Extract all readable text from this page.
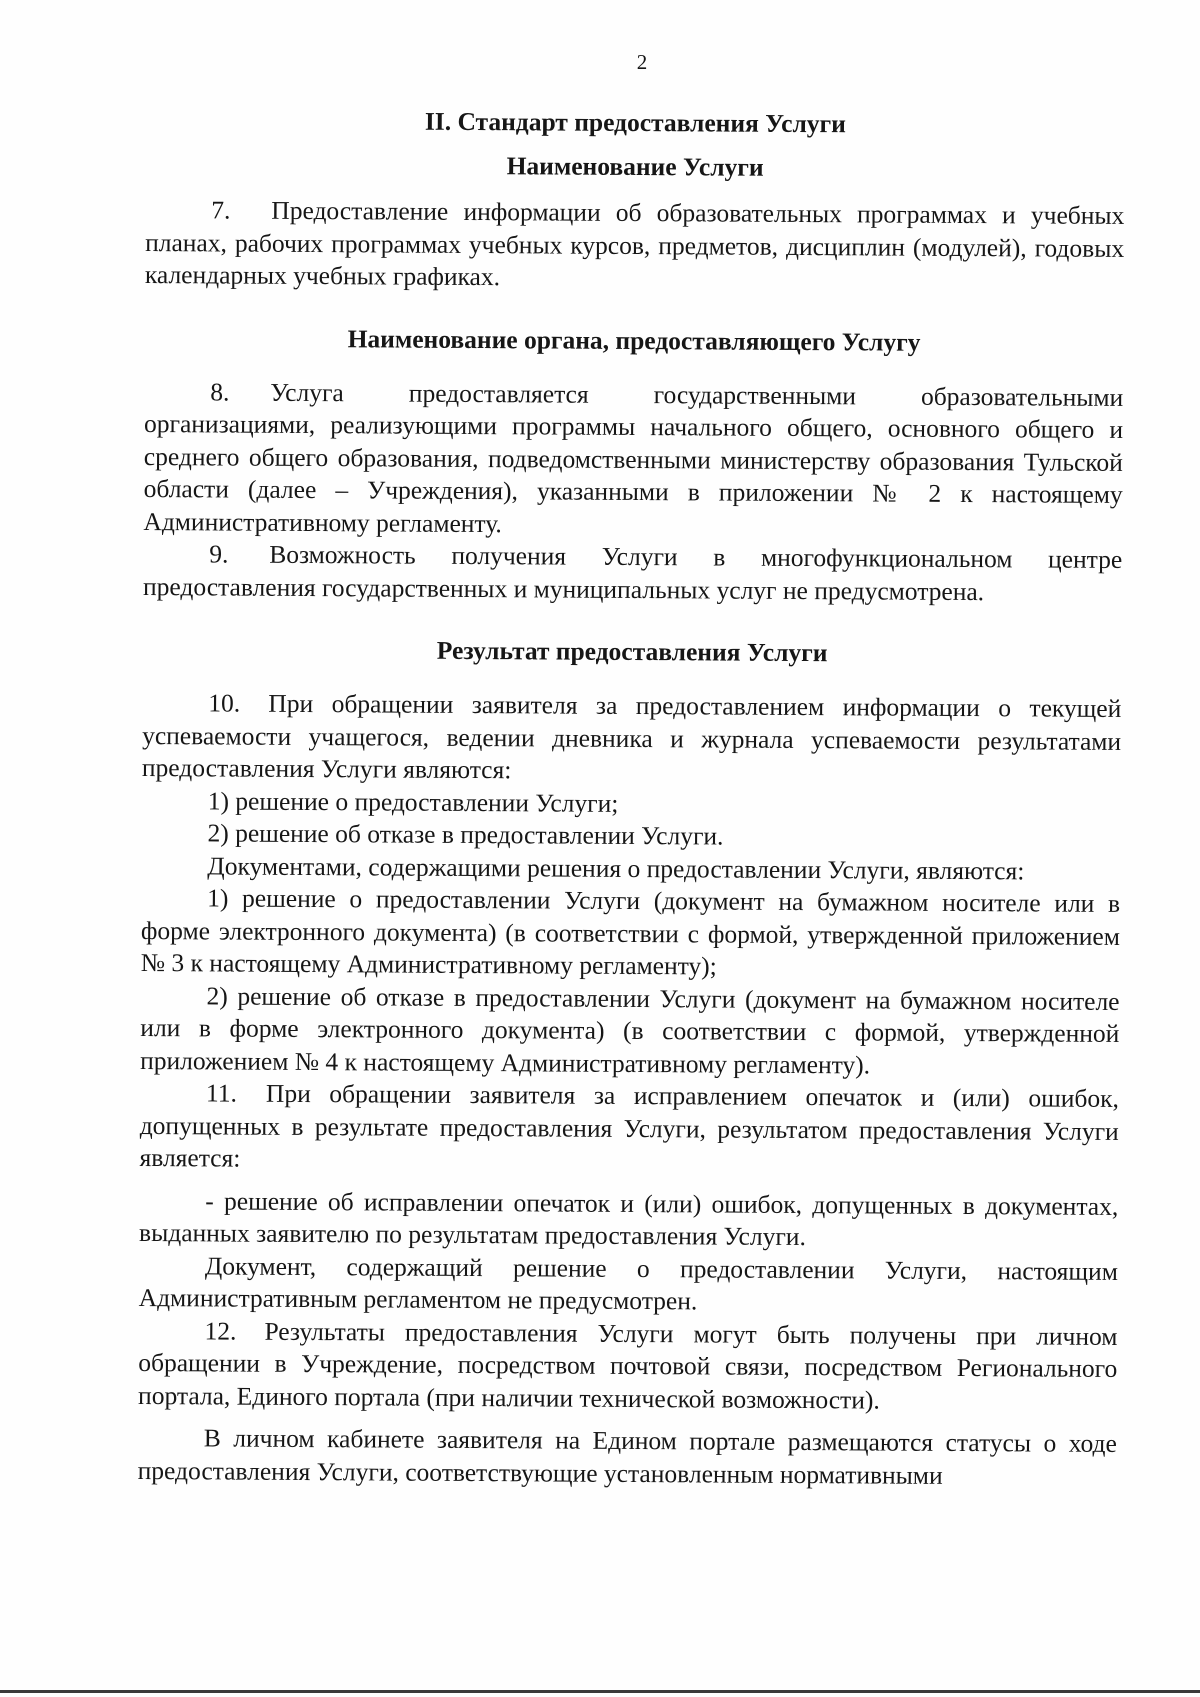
2
II. Стандарт предоставления Услуги
Наименование Услуги

7. Предоставление информации об образовательных программах и учебных планах, рабочих программах учебных курсов, предметов, дисциплин (модулей), годовых календарных учебных графиках.

Наименование органа, предоставляющего Услугу

8. Услуга предоставляется государственными образовательными организациями, реализующими программы начального общего, основного общего и среднего общего образования, подведомственными министерству образования Тульской области (далее – Учреждения), указанными в приложении № 2 к настоящему Административному регламенту.

9. Возможность получения Услуги в многофункциональном центре предоставления государственных и муниципальных услуг не предусмотрена.

Результат предоставления Услуги

10. При обращении заявителя за предоставлением информации о текущей успеваемости учащегося, ведении дневника и журнала успеваемости результатами предоставления Услуги являются:

1) решение о предоставлении Услуги;

2) решение об отказе в предоставлении Услуги.

Документами, содержащими решения о предоставлении Услуги, являются:

1) решение о предоставлении Услуги (документ на бумажном носителе или в форме электронного документа) (в соответствии с формой, утвержденной приложением № 3 к настоящему Административному регламенту);

2) решение об отказе в предоставлении Услуги (документ на бумажном носителе или в форме электронного документа) (в соответствии с формой, утвержденной приложением № 4 к настоящему Административному регламенту).

11. При обращении заявителя за исправлением опечаток и (или) ошибок, допущенных в результате предоставления Услуги, результатом предоставления Услуги является:

- решение об исправлении опечаток и (или) ошибок, допущенных в документах, выданных заявителю по результатам предоставления Услуги.

Документ, содержащий решение о предоставлении Услуги, настоящим Административным регламентом не предусмотрен.

12. Результаты предоставления Услуги могут быть получены при личном обращении в Учреждение, посредством почтовой связи, посредством Регионального портала, Единого портала (при наличии технической возможности).

В личном кабинете заявителя на Едином портале размещаются статусы о ходе предоставления Услуги, соответствующие установленным нормативными
